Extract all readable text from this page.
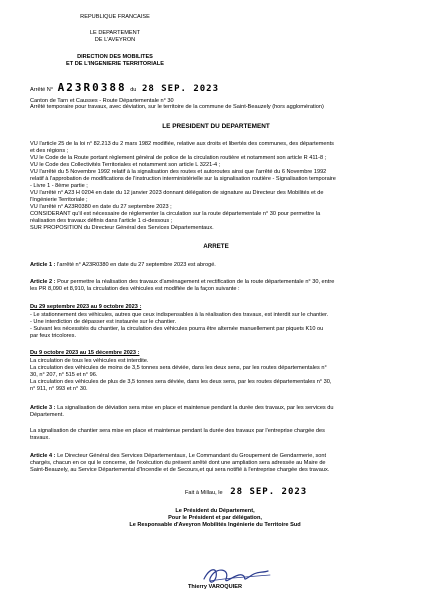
REPUBLIQUE FRANCAISE
LE DEPARTEMENT
DE L'AVEYRON
DIRECTION DES MOBILITES
ET DE L'INGENIERIE TERRITORIALE
Arrêté N° A23R0388 du 28 SEP. 2023
Canton de Tarn et Causses - Route Départementale n° 30
Arrêté temporaire pour travaux, avec déviation, sur le territoire de la commune de Saint-Beauzely (hors agglomération)
LE PRESIDENT DU DEPARTEMENT
VU l'article 25 de la loi n° 82.213 du 2 mars 1982 modifiée, relative aux droits et libertés des communes, des départements
et des régions ;
VU le Code de la Route portant règlement général de police de la circulation routière et notamment son article R 411-8 ;
VU le Code des Collectivités Territoriales et notamment son article L 3221-4 ;
VU l'arrêté du 5 Novembre 1992 relatif à la signalisation des routes et autoroutes ainsi que l'arrêté du 6 Novembre 1992
relatif à l'approbation de modifications de l'instruction interministérielle sur la signalisation routière - Signalisation temporaire
- Livre 1 - 8ème partie ;
VU l'arrêté n° A23 H 0204 en date du 12 janvier 2023 donnant délégation de signature au Directeur des Mobilités et de
l'Ingénierie Territoriale ;
VU l'arrêté n° A23R0380 en date du 27 septembre 2023 ;
CONSIDERANT qu'il est nécessaire de réglementer la circulation sur la route départementale n° 30 pour permettre la
réalisation des travaux définis dans l'article 1 ci-dessous ;
SUR PROPOSITION du Directeur Général des Services Départementaux.
ARRETE
Article 1 : l'arrêté n° A23R0380 en date du 27 septembre 2023 est abrogé.
Article 2 : Pour permettre la réalisation des travaux d'aménagement et rectification de la route départementale n° 30, entre
les PR 8,090 et 8,910, la circulation des véhicules est modifiée de la façon suivante :
Du 29 septembre 2023 au 9 octobre 2023 :
- Le stationnement des véhicules, autres que ceux indispensables à la réalisation des travaux, est interdit sur le chantier.
- Une interdiction de dépasser est instaurée sur le chantier.
- Suivant les nécessités du chantier, la circulation des véhicules pourra être alternée manuellement par piquets K10 ou
par feux tricolores.
Du 9 octobre 2023 au 15 décembre 2023 :
La circulation de tous les véhicules est interdite.
La circulation des véhicules de moins de 3,5 tonnes sera déviée, dans les deux sens, par les routes départementales n°
30, n° 207, n° 515 et n° 96.
La circulation des véhicules de plus de 3,5 tonnes sera déviée, dans les deux sens, par les routes départementales n° 30,
n° 911, n° 993 et n° 30.
Article 3 : La signalisation de déviation sera mise en place et maintenue pendant la durée des travaux, par les services du
Département.
La signalisation de chantier sera mise en place et maintenue pendant la durée des travaux par l'entreprise chargée des
travaux.
Article 4 : Le Directeur Général des Services Départementaux, Le Commandant du Groupement de Gendarmerie, sont
chargés, chacun en ce qui le concerne, de l'exécution du présent arrêté dont une ampliation sera adressée au Maire de
Saint-Beauzely, au Service Départemental d'Incendie et de Secours,et qui sera notifié à l'entreprise chargée des travaux.
Fait à Millau, le 28 SEP. 2023
Le Président du Département,
Pour le Président et par délégation,
Le Responsable d'Aveyron Mobilités Ingénierie du Territoire Sud
Thierry VAROQUIER
